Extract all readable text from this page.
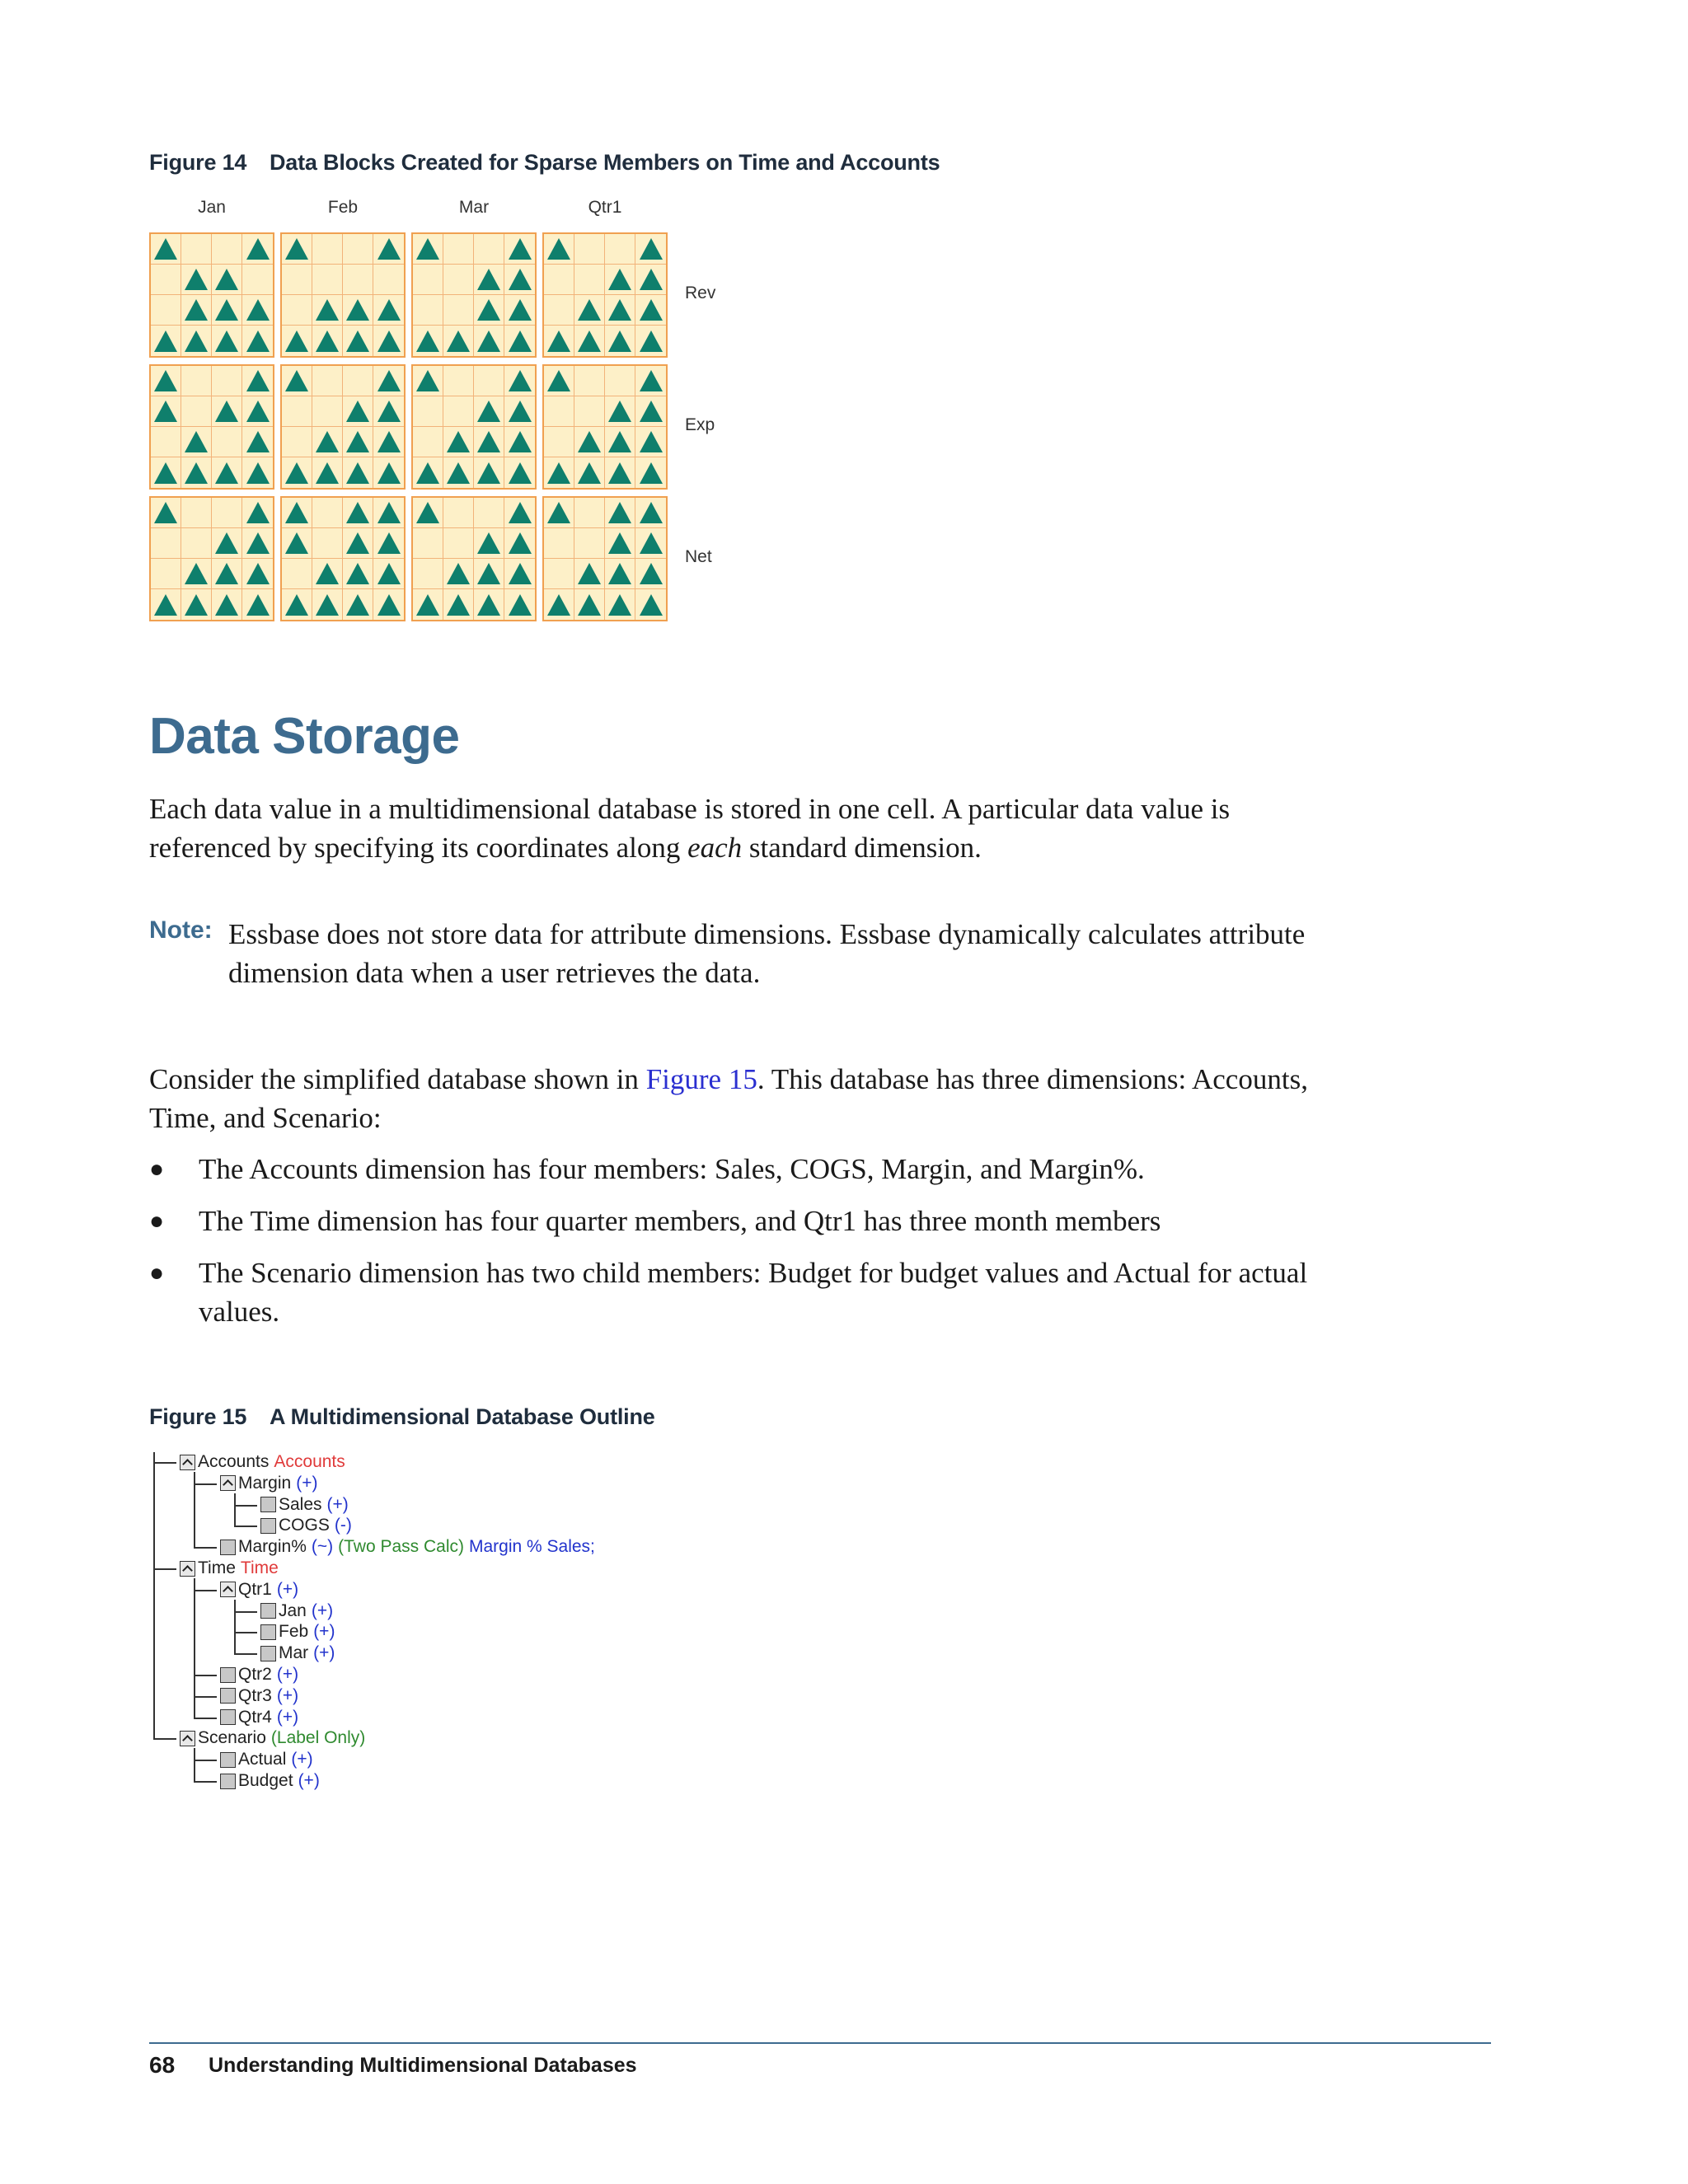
Figure 14 Data Blocks Created for Sparse Members on Time and Accounts
Jan	Feb	Mar	Qtr1
Rev
Exp
Net
Data Storage

Each data value in a multidimensional database is stored in one cell. A particular data value is referenced by specifying its coordinates along each standard dimension.

Note: Essbase does not store data for attribute dimensions. Essbase dynamically calculates attribute dimension data when a user retrieves the data.

Consider the simplified database shown in Figure 15. This database has three dimensions: Accounts, Time, and Scenario:

● The Accounts dimension has four members: Sales, COGS, Margin, and Margin%.
● The Time dimension has four quarter members, and Qtr1 has three month members
● The Scenario dimension has two child members: Budget for budget values and Actual for actual values.
Figure 15 A Multidimensional Database Outline
Accounts Accounts
Margin (+)
Sales (+)
COGS (-)
Margin% (~) (Two Pass Calc) Margin % Sales;
Time Time
Qtr1 (+)
Jan (+)
Feb (+)
Mar (+)
Qtr2 (+)
Qtr3 (+)
Qtr4 (+)
Scenario (Label Only)
Actual (+)
Budget (+)
68 Understanding Multidimensional Databases
